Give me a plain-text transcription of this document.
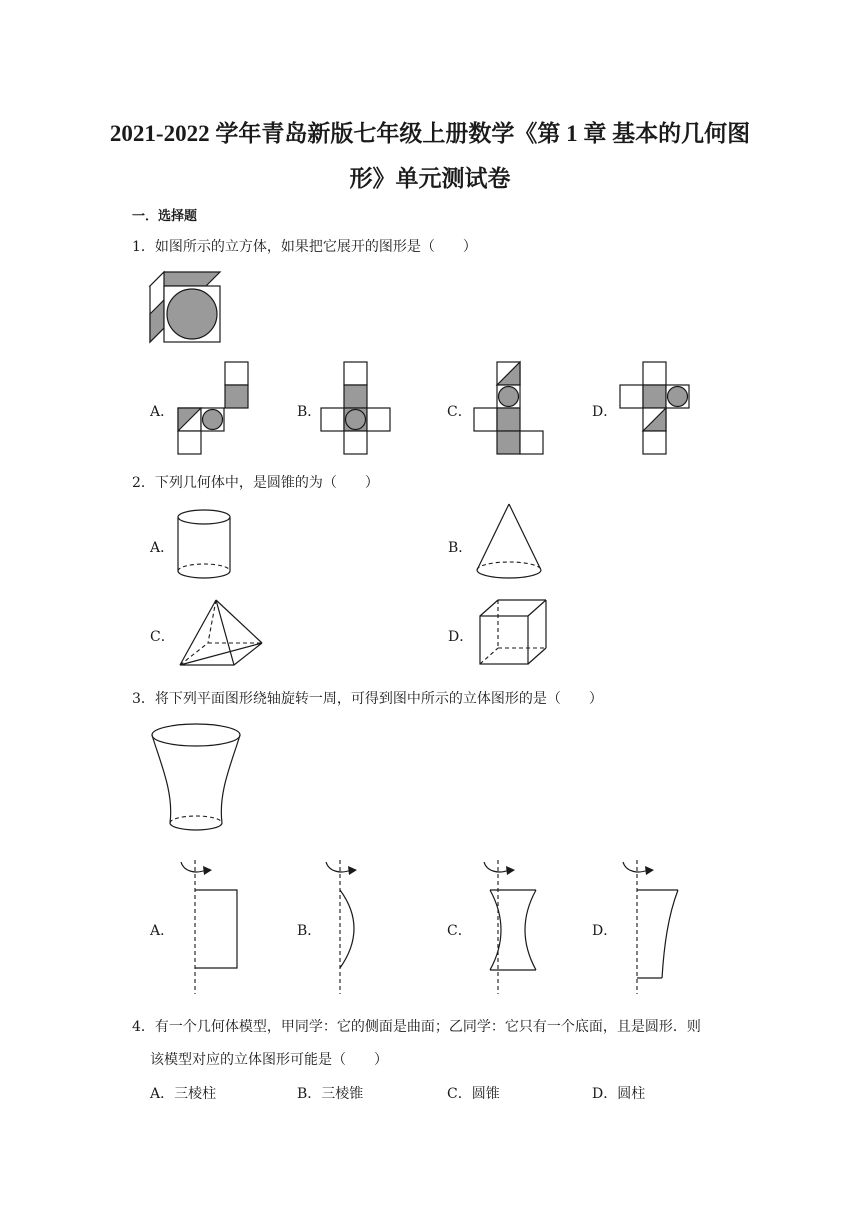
2021-2022 学年青岛新版七年级上册数学《第 1 章 基本的几何图
形》单元测试卷
一．选择题
1．如图所示的立方体，如果把它展开的图形是（　　）
A．	B．	C．	D．
2．下列几何体中，是圆锥的为（　　）
A．	B．
C．	D．
3．将下列平面图形绕轴旋转一周，可得到图中所示的立体图形的是（　　）
A．	B．	C．	D．
4．有一个几何体模型，甲同学：它的侧面是曲面；乙同学：它只有一个底面，且是圆形．则
该模型对应的立体图形可能是（　　）
A．三棱柱	B．三棱锥	C．圆锥	D．圆柱
